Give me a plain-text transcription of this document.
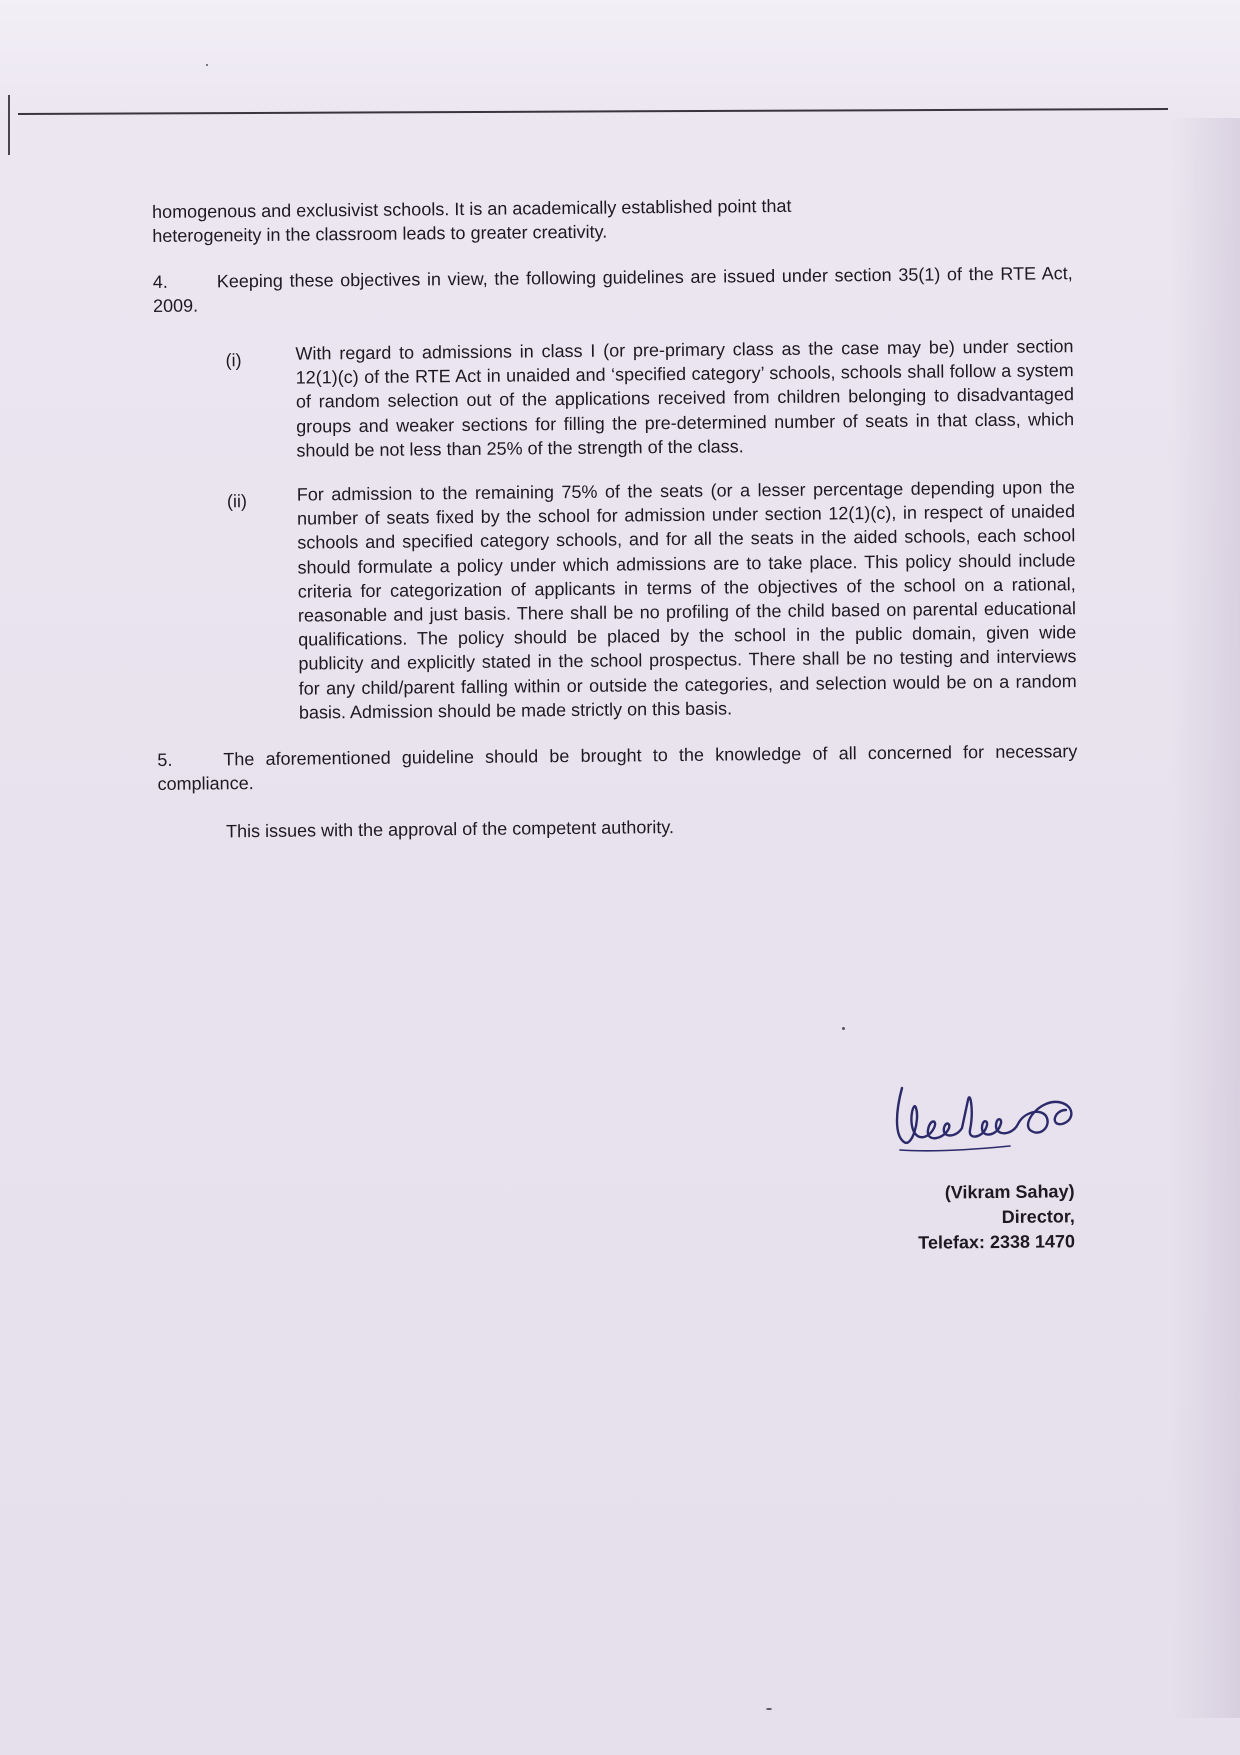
homogenous and exclusivist schools. It is an academically established point that
heterogeneity in the classroom leads to greater creativity.

4.	Keeping these objectives in view, the following guidelines are issued under section 35(1) of the RTE Act, 2009.

(i)	With regard to admissions in class I (or pre-primary class as the case may be) under section 12(1)(c) of the RTE Act in unaided and ‘specified category’ schools, schools shall follow a system of random selection out of the applications received from children belonging to disadvantaged groups and weaker sections for filling the pre-determined number of seats in that class, which should be not less than 25% of the strength of the class.
(ii)	For admission to the remaining 75% of the seats (or a lesser percentage depending upon the number of seats fixed by the school for admission under section 12(1)(c), in respect of unaided schools and specified category schools, and for all the seats in the aided schools, each school should formulate a policy under which admissions are to take place. This policy should include criteria for categorization of applicants in terms of the objectives of the school on a rational, reasonable and just basis. There shall be no profiling of the child based on parental educational qualifications. The policy should be placed by the school in the public domain, given wide publicity and explicitly stated in the school prospectus. There shall be no testing and interviews for any child/parent falling within or outside the categories, and selection would be on a random basis. Admission should be made strictly on this basis.

5.	The aforementioned guideline should be brought to the knowledge of all concerned for necessary compliance.

This issues with the approval of the competent authority.

(Vikram Sahay)
Director,
Telefax: 2338 1470
